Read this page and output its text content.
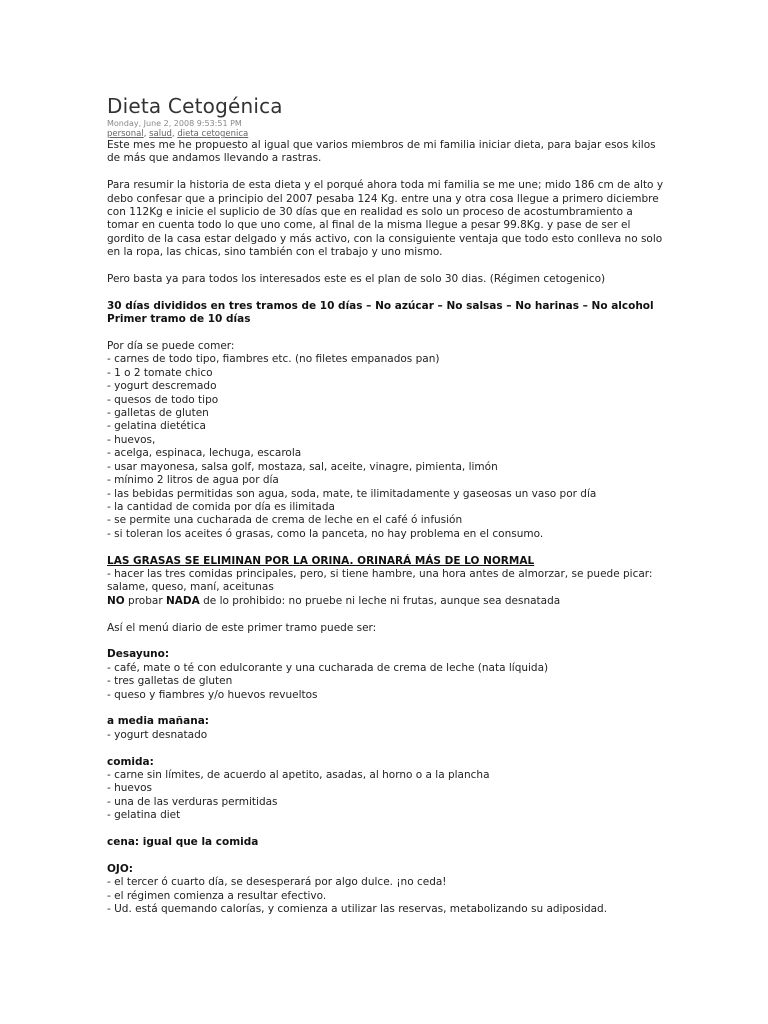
Dieta Cetogénica
Monday, June 2, 2008 9:53:51 PM
personal, salud, dieta cetogenica

Este mes me he propuesto al igual que varios miembros de mi familia iniciar dieta, para bajar esos kilos de más que andamos llevando a rastras.

Para resumir la historia de esta dieta y el porqué ahora toda mi familia se me une; mido 186 cm de alto y debo confesar que a principio del 2007 pesaba 124 Kg. entre una y otra cosa llegue a primero diciembre con 112Kg e inicie el suplicio de 30 días que en realidad es solo un proceso de acostumbramiento a tomar en cuenta todo lo que uno come, al final de la misma llegue a pesar 99.8Kg. y pase de ser el gordito de la casa estar delgado y más activo, con la consiguiente ventaja que todo esto conlleva no solo en la ropa, las chicas, sino también con el trabajo y uno mismo.

Pero basta ya para todos los interesados este es el plan de solo 30 dias. (Régimen cetogenico)

30 días divididos en tres tramos de 10 días – No azúcar – No salsas – No harinas – No alcohol

Primer tramo de 10 días

Por día se puede comer:

- carnes de todo tipo, fiambres etc. (no filetes empanados pan)

- 1 o 2 tomate chico

- yogurt descremado

- quesos de todo tipo

- galletas de gluten

- gelatina dietética

- huevos,

- acelga, espinaca, lechuga, escarola

- usar mayonesa, salsa golf, mostaza, sal, aceite, vinagre, pimienta, limón

- mínimo 2 litros de agua por día

- las bebidas permitidas son agua, soda, mate, te ilimitadamente y gaseosas un vaso por día

- la cantidad de comida por día es ilimitada

- se permite una cucharada de crema de leche en el café ó infusión

- si toleran los aceites ó grasas, como la panceta, no hay problema en el consumo.

LAS GRASAS SE ELIMINAN POR LA ORINA. ORINARÁ MÁS DE LO NORMAL

- hacer las tres comidas principales, pero, si tiene hambre, una hora antes de almorzar, se puede picar: salame, queso, maní, aceitunas

NO probar NADA de lo prohibido: no pruebe ni leche ni frutas, aunque sea desnatada

Así el menú diario de este primer tramo puede ser:

Desayuno:

- café, mate o té con edulcorante y una cucharada de crema de leche (nata líquida)

- tres galletas de gluten

- queso y fiambres y/o huevos revueltos

a media mañana:

- yogurt desnatado

comida:

- carne sin límites, de acuerdo al apetito, asadas, al horno o a la plancha

- huevos

- una de las verduras permitidas

- gelatina diet

cena: igual que la comida

OJO:

- el tercer ó cuarto día, se desesperará por algo dulce. ¡no ceda!

- el régimen comienza a resultar efectivo.

- Ud. está quemando calorías, y comienza a utilizar las reservas, metabolizando su adiposidad.
